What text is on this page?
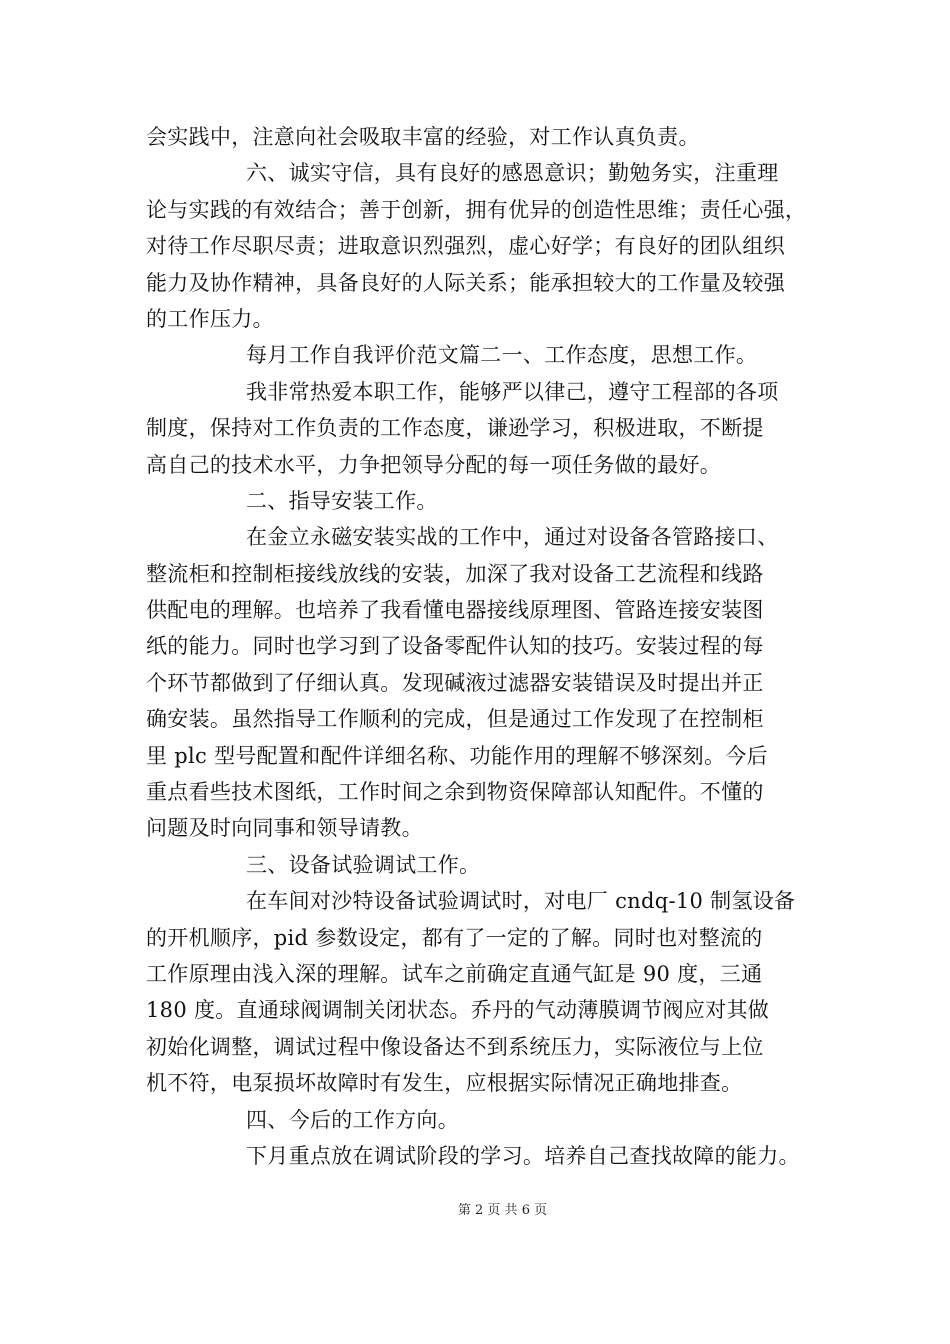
会实践中，注意向社会吸取丰富的经验，对工作认真负责。
六、诚实守信，具有良好的感恩意识；勤勉务实，注重理
论与实践的有效结合；善于创新，拥有优异的创造性思维；责任心强，
对待工作尽职尽责；进取意识烈强烈，虚心好学；有良好的团队组织
能力及协作精神，具备良好的人际关系；能承担较大的工作量及较强
的工作压力。
每月工作自我评价范文篇二一、工作态度，思想工作。
我非常热爱本职工作，能够严以律己，遵守工程部的各项
制度，保持对工作负责的工作态度，谦逊学习，积极进取，不断提
高自己的技术水平，力争把领导分配的每一项任务做的最好。
二、指导安装工作。
在金立永磁安装实战的工作中，通过对设备各管路接口、
整流柜和控制柜接线放线的安装，加深了我对设备工艺流程和线路
供配电的理解。也培养了我看懂电器接线原理图、管路连接安装图
纸的能力。同时也学习到了设备零配件认知的技巧。安装过程的每
个环节都做到了仔细认真。发现碱液过滤器安装错误及时提出并正
确安装。虽然指导工作顺利的完成，但是通过工作发现了在控制柜
里 plc 型号配置和配件详细名称、功能作用的理解不够深刻。今后
重点看些技术图纸，工作时间之余到物资保障部认知配件。不懂的
问题及时向同事和领导请教。
三、设备试验调试工作。
在车间对沙特设备试验调试时，对电厂 cndq-10 制氢设备
的开机顺序，pid 参数设定，都有了一定的了解。同时也对整流的
工作原理由浅入深的理解。试车之前确定直通气缸是 90 度，三通
180 度。直通球阀调制关闭状态。乔丹的气动薄膜调节阀应对其做
初始化调整，调试过程中像设备达不到系统压力，实际液位与上位
机不符，电泵损坏故障时有发生，应根据实际情况正确地排查。
四、今后的工作方向。
下月重点放在调试阶段的学习。培养自己查找故障的能力。
第 2 页 共 6 页
